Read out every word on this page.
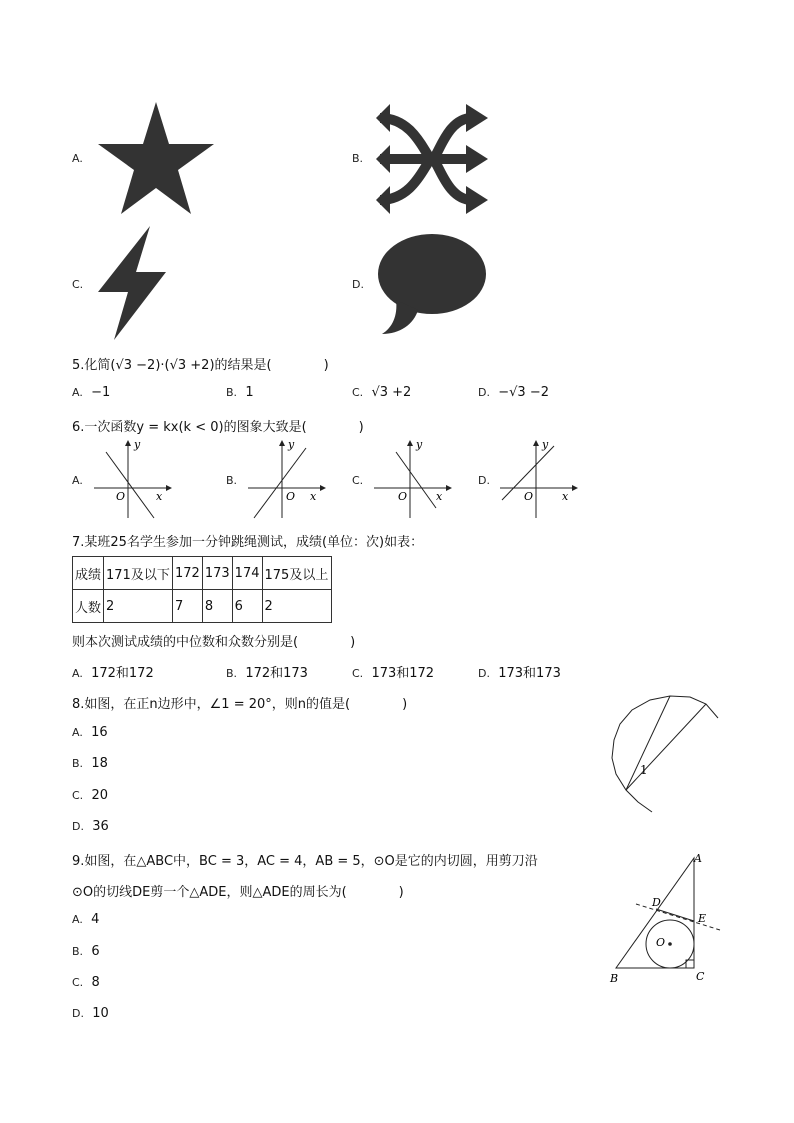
A.	B.
C.	D.
5.化简(√3 −2)·(√3 +2)的结果是(　　　　)
A. −1	B. 1	C. √3 +2	D. −√3 −2
6.一次函数y = kx(k < 0)的图象大致是(　　　　)
A.
y
x
O
B.
y
x
O
C.
y
x
O
D.
y
x
O
7.某班25名学生参加一分钟跳绳测试，成绩(单位：次)如表：
成绩	171及以下	172	173	174	175及以上
人数	2	7	8	6	2
则本次测试成绩的中位数和众数分别是(　　　　)
A. 172和172	B. 172和173	C. 173和172	D. 173和173
8.如图，在正n边形中，∠1 = 20°，则n的值是(　　　　)
A. 16
B. 18
C. 20
D. 36
1
9.如图，在△ABC中，BC = 3，AC = 4，AB = 5，⊙O是它的内切圆，用剪刀沿
⊙O的切线DE剪一个△ADE，则△ADE的周长为(　　　　)
A. 4
B. 6
C. 8
D. 10
A
B	C
D
E
O
